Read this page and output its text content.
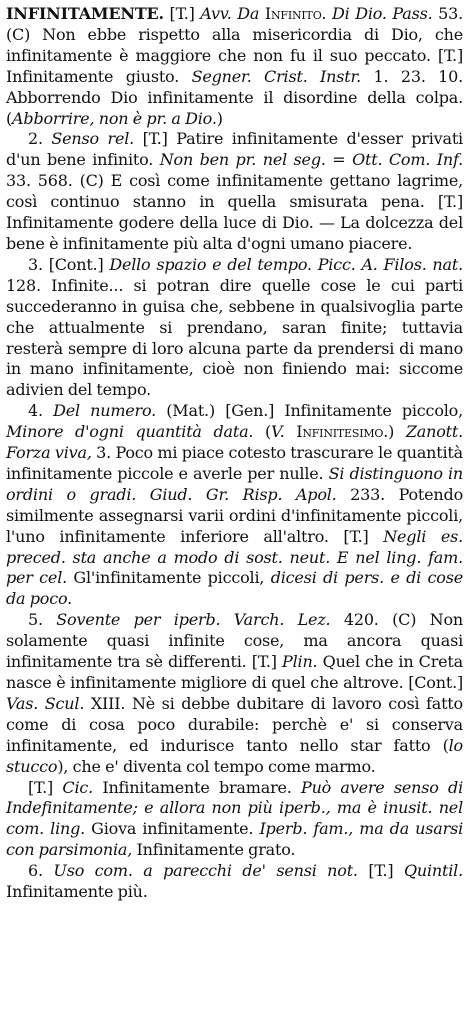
INFINITAMENTE. [T.] Avv. Da Infinito. Di Dio. Pass. 53. (C) Non ebbe rispetto alla misericordia di Dio, che infinitamente è maggiore che non fu il suo peccato. [T.] Infinitamente giusto. Segner. Crist. Instr. 1. 23. 10. Abborrendo Dio infinitamente il disordine della colpa. (Abborrire, non è pr. a Dio.)

2. Senso rel. [T.] Patire infinitamente d'esser privati d'un bene infinito. Non ben pr. nel seg. = Ott. Com. Inf. 33. 568. (C) E così come infinitamente gettano lagrime, così continuo stanno in quella smisurata pena. [T.] Infinitamente godere della luce di Dio. — La dolcezza del bene è infinitamente più alta d'ogni umano piacere.

3. [Cont.] Dello spazio e del tempo. Picc. A. Filos. nat. 128. Infinite... si potran dire quelle cose le cui parti succederanno in guisa che, sebbene in qualsivoglia parte che attualmente si prendano, saran finite; tuttavia resterà sempre di loro alcuna parte da prendersi di mano in mano infinitamente, cioè non finiendo mai: siccome adivien del tempo.

4. Del numero. (Mat.) [Gen.] Infinitamente piccolo, Minore d'ogni quantità data. (V. Infinitesimo.) Zanott. Forza viva, 3. Poco mi piace cotesto trascurare le quantità infinitamente piccole e averle per nulle. Si distinguono in ordini o gradi. Giud. Gr. Risp. Apol. 233. Potendo similmente assegnarsi varii ordini d'infinitamente piccoli, l'uno infinitamente inferiore all'altro. [T.] Negli es. preced. sta anche a modo di sost. neut. E nel ling. fam. per cel. Gl'infinitamente piccoli, dicesi di pers. e di cose da poco.

5. Sovente per iperb. Varch. Lez. 420. (C) Non solamente quasi infinite cose, ma ancora quasi infinitamente tra sè differenti. [T.] Plin. Quel che in Creta nasce è infinitamente migliore di quel che altrove. [Cont.] Vas. Scul. XIII. Nè si debbe dubitare di lavoro così fatto come di cosa poco durabile: perchè e' si conserva infinitamente, ed indurisce tanto nello star fatto (lo stucco), che e' diventa col tempo come marmo.

[T.] Cic. Infinitamente bramare. Può avere senso di Indefinitamente; e allora non più iperb., ma è inusit. nel com. ling. Giova infinitamente. Iperb. fam., ma da usarsi con parsimonia, Infinitamente grato.

6. Uso com. a parecchi de' sensi not. [T.] Quintil. Infinitamente più.
